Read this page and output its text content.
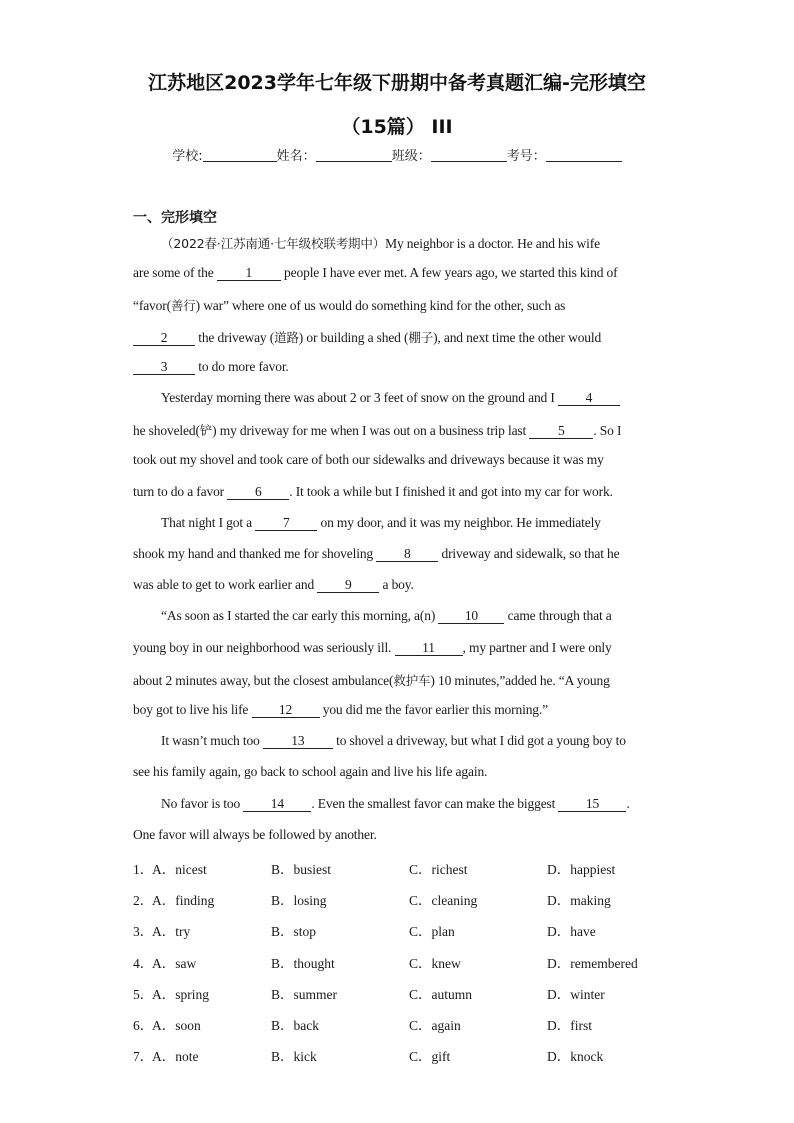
江苏地区2023学年七年级下册期中备考真题汇编-完形填空
（15篇） III
学校:	姓名：	班级：	考号：
一、完形填空
（2022春·江苏南通·七年级校联考期中）My neighbor is a doctor. He and his wife
are some of the 1 people I have ever met. A few years ago, we started this kind of
“favor(善行) war” where one of us would do something kind for the other, such as
2 the driveway (道路) or building a shed (棚子), and next time the other would
3 to do more favor.
Yesterday morning there was about 2 or 3 feet of snow on the ground and I 4
he shoveled(铲) my driveway for me when I was out on a business trip last 5 . So I
took out my shovel and took care of both our sidewalks and driveways because it was my
turn to do a favor 6 . It took a while but I finished it and got into my car for work.
That night I got a 7 on my door, and it was my neighbor. He immediately
shook my hand and thanked me for shoveling 8 driveway and sidewalk, so that he
was able to get to work earlier and 9 a boy.
“As soon as I started the car early this morning, a(n) 10 came through that a
young boy in our neighborhood was seriously ill. 11 , my partner and I were only
about 2 minutes away, but the closest ambulance(救护车) 10 minutes,”added he. “A young
boy got to live his life 12 you did me the favor earlier this morning.”
It wasn’t much too 13 to shovel a driveway, but what I did got a young boy to
see his family again, go back to school again and live his life again.
No favor is too 14 . Even the smallest favor can make the biggest 15 .
One favor will always be followed by another.
1．
A．nicest	B．busiest	C．richest	D．happiest
2．
A．finding	B．losing	C．cleaning	D．making
3．
A．try	B．stop	C．plan	D．have
4．
A．saw	B．thought	C．knew	D．remembered
5．
A．spring	B．summer	C．autumn	D．winter
6．
A．soon	B．back	C．again	D．first
7．
A．note	B．kick	C．gift	D．knock
